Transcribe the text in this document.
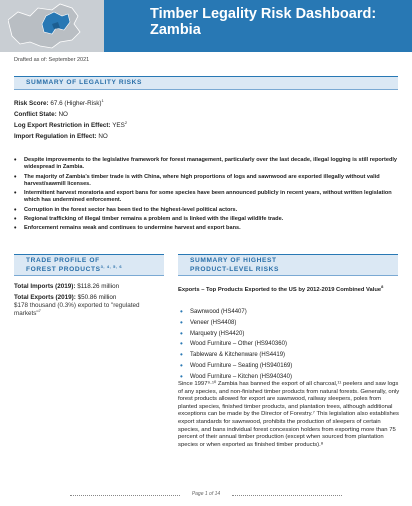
Timber Legality Risk Dashboard: Zambia
Drafted as of: September 2021
SUMMARY OF LEGALITY RISKS
Risk Score: 67.6 (Higher-Risk)$^1$
Conflict State: NO
Log Export Restriction in Effect: YES$^2$
Import Regulation in Effect: NO
• Despite improvements to the legislative framework for forest management, particularly over the last decade, illegal logging is still reportedly widespread in Zambia.
• The majority of Zambia’s timber trade is with China, where high proportions of logs and sawnwood are exported illegally without valid harvest/sawmill licenses.
• Intermittent harvest moratoria and export bans for some species have been announced publicly in recent years, without written legislation which has undermined enforcement.
• Corruption in the forest sector has been tied to the highest-level political actors.
• Regional trafficking of illegal timber remains a problem and is linked with the illegal wildlife trade.
• Enforcement remains weak and continues to undermine harvest and export bans.
TRADE PROFILE OF
FOREST PRODUCTS$^{3, 4, 5, 6}$
Total Imports (2019): $118.26 million
Total Exports (2019): $50.86 million
$178 thousand (0.3%) exported to "regulated markets"$^7$
SUMMARY OF HIGHEST
PRODUCT-LEVEL RISKS
Exports – Top Products Exported to the US by 2012-2019 Combined Value$^8$
• Sawnwood (HS4407)
• Veneer (HS4408)
• Marquetry (HS4420)
• Wood Furniture – Other (HS940360)
• Tableware & Kitchenware (HS4419)
• Wood Furniture – Seating (HS940169)
• Wood Furniture – Kitchen (HS940340)

Since 1997⁹·¹⁰ Zambia has banned the export of all charcoal,¹¹ peelers and saw logs of any species, and non-finished timber products from natural forests. Generally, only forest products allowed for export are sawnwood, railway sleepers, poles from planted species, finished timber products, and plantation trees, although additional exceptions can be made by the Director of Forestry.⁷ This legislation also establishes export standards for sawnwood, prohibits the production of sleepers of certain species, and bans individual forest concession holders from exporting more than 75 percent of their annual timber production (except when sourced from plantation species or when exported as finished timber products).⁸

Page 1 of 14
